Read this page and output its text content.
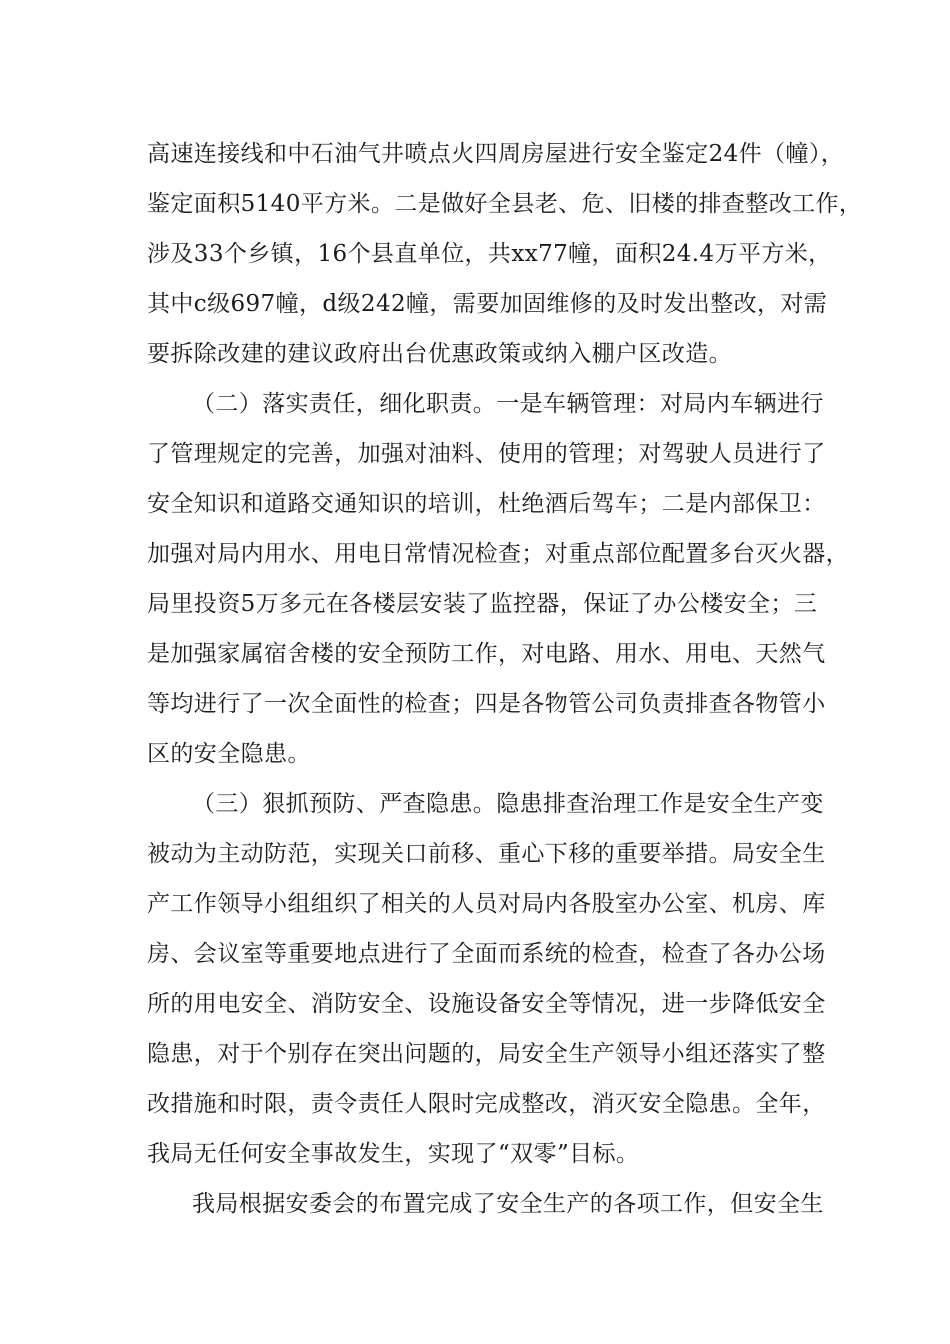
高速连接线和中石油气井喷点火四周房屋进行安全鉴定24件（幢），
鉴定面积5140平方米。二是做好全县老、危、旧楼的排查整改工作，
涉及33个乡镇，16个县直单位，共xx77幢，面积24.4万平方米，
其中c级697幢，d级242幢，需要加固维修的及时发出整改，对需
要拆除改建的建议政府出台优惠政策或纳入棚户区改造。
（二）落实责任，细化职责。一是车辆管理：对局内车辆进行
了管理规定的完善，加强对油料、使用的管理；对驾驶人员进行了
安全知识和道路交通知识的培训，杜绝酒后驾车；二是内部保卫：
加强对局内用水、用电日常情况检查；对重点部位配置多台灭火器，
局里投资5万多元在各楼层安装了监控器，保证了办公楼安全；三
是加强家属宿舍楼的安全预防工作，对电路、用水、用电、天然气
等均进行了一次全面性的检查；四是各物管公司负责排查各物管小
区的安全隐患。
（三）狠抓预防、严查隐患。隐患排查治理工作是安全生产变
被动为主动防范，实现关口前移、重心下移的重要举措。局安全生
产工作领导小组组织了相关的人员对局内各股室办公室、机房、库
房、会议室等重要地点进行了全面而系统的检查，检查了各办公场
所的用电安全、消防安全、设施设备安全等情况，进一步降低安全
隐患，对于个别存在突出问题的，局安全生产领导小组还落实了整
改措施和时限，责令责任人限时完成整改，消灭安全隐患。全年，
我局无任何安全事故发生，实现了“双零”目标。
我局根据安委会的布置完成了安全生产的各项工作，但安全生
